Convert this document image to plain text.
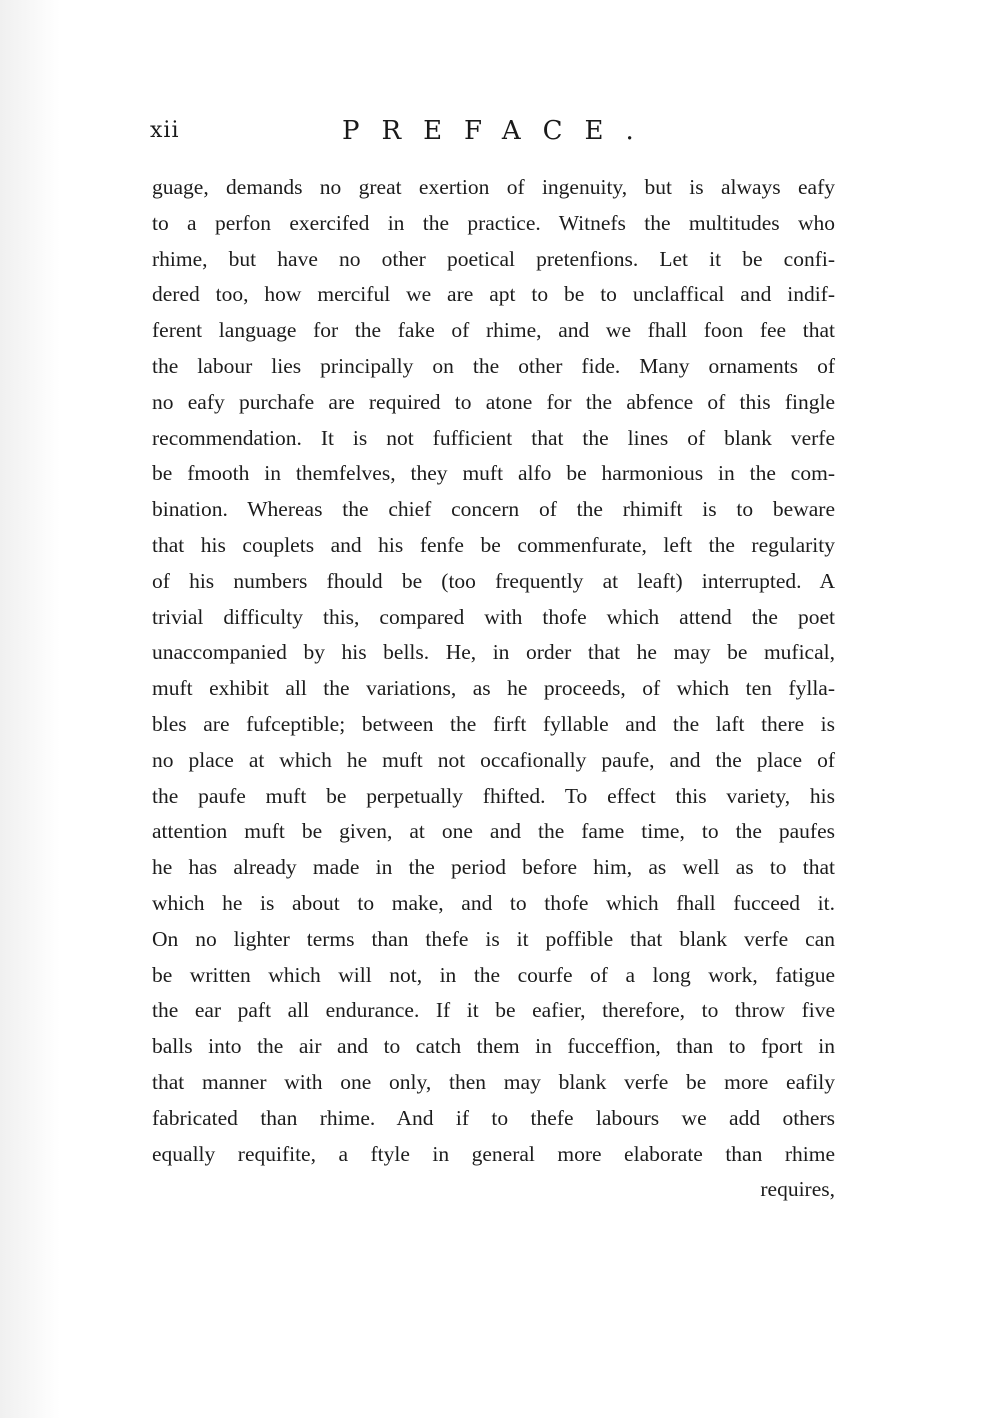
xii	PREFACE.
guage, demands no great exertion of ingenuity, but is always eafy
to a perfon exercifed in the practice. Witnefs the multitudes who
rhime, but have no other poetical pretenfions. Let it be confi-
dered too, how merciful we are apt to be to unclaffical and indif-
ferent language for the fake of rhime, and we fhall foon fee that
the labour lies principally on the other fide. Many ornaments of
no eafy purchafe are required to atone for the abfence of this fingle
recommendation. It is not fufficient that the lines of blank verfe
be fmooth in themfelves, they muft alfo be harmonious in the com-
bination. Whereas the chief concern of the rhimift is to beware
that his couplets and his fenfe be commenfurate, left the regularity
of his numbers fhould be (too frequently at leaft) interrupted. A
trivial difficulty this, compared with thofe which attend the poet
unaccompanied by his bells. He, in order that he may be mufical,
muft exhibit all the variations, as he proceeds, of which ten fylla-
bles are fufceptible; between the firft fyllable and the laft there is
no place at which he muft not occafionally paufe, and the place of
the paufe muft be perpetually fhifted. To effect this variety, his
attention muft be given, at one and the fame time, to the paufes
he has already made in the period before him, as well as to that
which he is about to make, and to thofe which fhall fucceed it.
On no lighter terms than thefe is it poffible that blank verfe can
be written which will not, in the courfe of a long work, fatigue
the ear paft all endurance. If it be eafier, therefore, to throw five
balls into the air and to catch them in fucceffion, than to fport in
that manner with one only, then may blank verfe be more eafily
fabricated than rhime. And if to thefe labours we add others
equally requifite, a ftyle in general more elaborate than rhime
requires,
